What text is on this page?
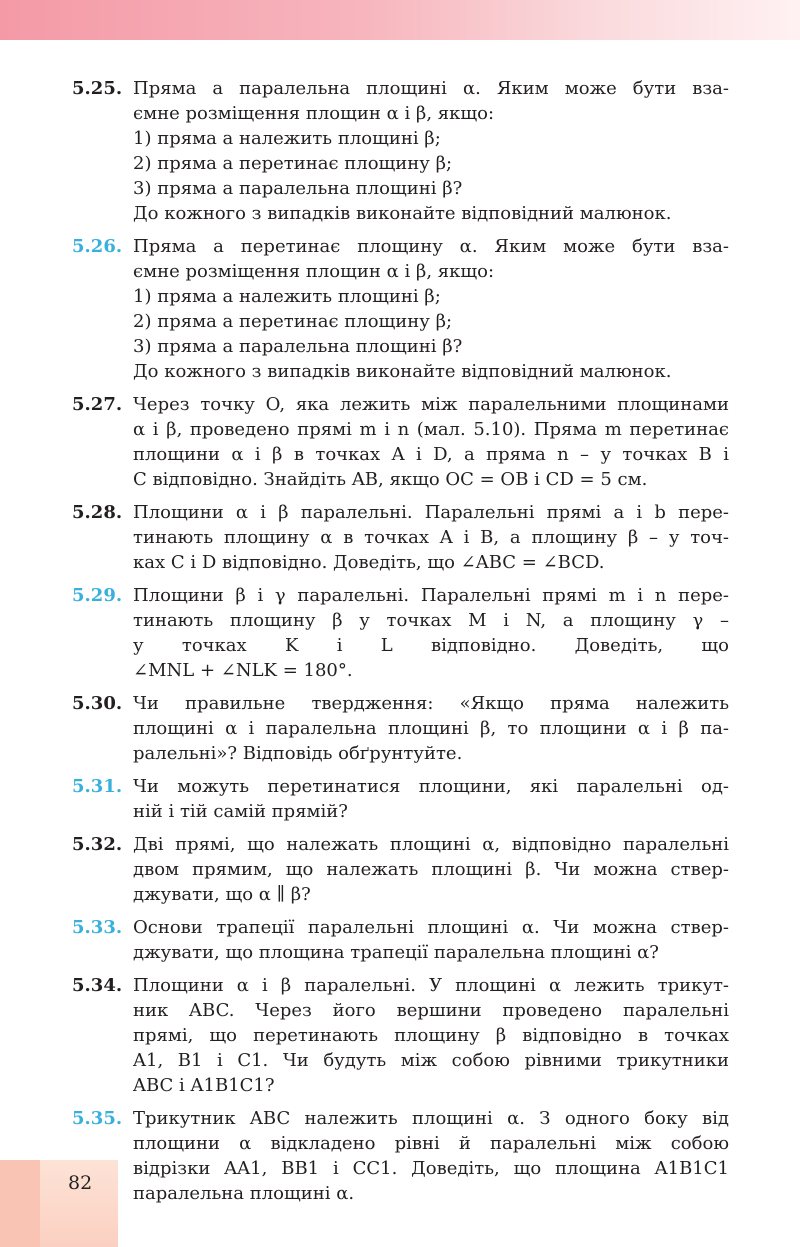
5.25. Пряма a паралельна площині α. Яким може бути вза-
ємне розміщення площин α і β, якщо:
1) пряма a належить площині β;
2) пряма a перетинає площину β;
3) пряма a паралельна площині β?
До кожного з випадків виконайте відповідний малюнок.
5.26. Пряма a перетинає площину α. Яким може бути вза-
ємне розміщення площин α і β, якщо:
1) пряма a належить площині β;
2) пряма a перетинає площину β;
3) пряма a паралельна площині β?
До кожного з випадків виконайте відповідний малюнок.
5.27. Через точку O, яка лежить між паралельними площинами
α і β, проведено прямі m і n (мал. 5.10). Пряма m перетинає
площини α і β в точках A і D, а пряма n – у точках B і
C відповідно. Знайдіть AB, якщо OC = OB і CD = 5 см.
5.28. Площини α і β паралельні. Паралельні прямі a і b пере-
тинають площину α в точках A і B, а площину β – у точ-
ках C і D відповідно. Доведіть, що ∠ABC = ∠BCD.
5.29. Площини β і γ паралельні. Паралельні прямі m і n пере-
тинають площину β у точках M і N, а площину γ –
у точках K і L відповідно. Доведіть, що
∠MNL + ∠NLK = 180°.
5.30. Чи правильне твердження: «Якщо пряма належить
площині α і паралельна площині β, то площини α і β па-
ралельні»? Відповідь обґрунтуйте.
5.31. Чи можуть перетинатися площини, які паралельні од-
ній і тій самій прямій?
5.32. Дві прямі, що належать площині α, відповідно паралельні
двом прямим, що належать площині β. Чи можна ствер-
джувати, що α ∥ β?
5.33. Основи трапеції паралельні площині α. Чи можна ствер-
джувати, що площина трапеції паралельна площині α?
5.34. Площини α і β паралельні. У площині α лежить трикут-
ник ABC. Через його вершини проведено паралельні
прямі, що перетинають площину β відповідно в точках
A1, B1 і C1. Чи будуть між собою рівними трикутники
ABC і A1B1C1?
5.35. Трикутник ABC належить площині α. З одного боку від
площини α відкладено рівні й паралельні між собою
відрізки AA1, BB1 і CC1. Доведіть, що площина A1B1C1
паралельна площині α.
82
